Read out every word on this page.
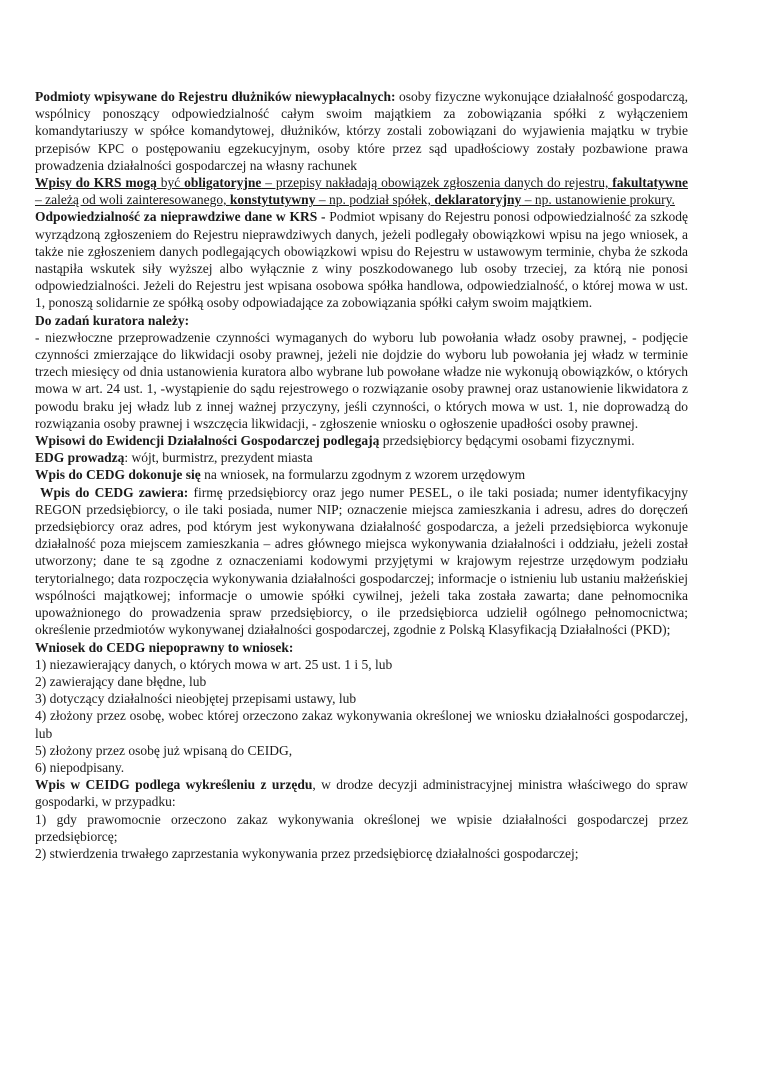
Podmioty wpisywane do Rejestru dłużników niewypłacalnych: osoby fizyczne wykonujące działalność gospodarczą, wspólnicy ponoszący odpowiedzialność całym swoim majątkiem za zobowiązania spółki z wyłączeniem komandytariuszy w spółce komandytowej, dłużników, którzy zostali zobowiązani do wyjawienia majątku w trybie przepisów KPC o postępowaniu egzekucyjnym, osoby które przez sąd upadłościowy zostały pozbawione prawa prowadzenia działalności gospodarczej na własny rachunek

Wpisy do KRS mogą być obligatoryjne – przepisy nakładają obowiązek zgłoszenia danych do rejestru, fakultatywne – zależą od woli zainteresowanego, konstytutywny – np. podział spółek, deklaratoryjny – np. ustanowienie prokury.

Odpowiedzialność za nieprawdziwe dane w KRS - Podmiot wpisany do Rejestru ponosi odpowiedzialność za szkodę wyrządzoną zgłoszeniem do Rejestru nieprawdziwych danych, jeżeli podlegały obowiązkowi wpisu na jego wniosek, a także nie zgłoszeniem danych podlegających obowiązkowi wpisu do Rejestru w ustawowym terminie, chyba że szkoda nastąpiła wskutek siły wyższej albo wyłącznie z winy poszkodowanego lub osoby trzeciej, za którą nie ponosi odpowiedzialności. Jeżeli do Rejestru jest wpisana osobowa spółka handlowa, odpowiedzialność, o której mowa w ust. 1, ponoszą solidarnie ze spółką osoby odpowiadające za zobowiązania spółki całym swoim majątkiem.

Do zadań kuratora należy:
- niezwłoczne przeprowadzenie czynności wymaganych do wyboru lub powołania władz osoby prawnej, - podjęcie czynności zmierzające do likwidacji osoby prawnej, jeżeli nie dojdzie do wyboru lub powołania jej władz w terminie trzech miesięcy od dnia ustanowienia kuratora albo wybrane lub powołane władze nie wykonują obowiązków, o których mowa w art. 24 ust. 1, -wystąpienie do sądu rejestrowego o rozwiązanie osoby prawnej oraz ustanowienie likwidatora z powodu braku jej władz lub z innej ważnej przyczyny, jeśli czynności, o których mowa w ust. 1, nie doprowadzą do rozwiązania osoby prawnej i wszczęcia likwidacji, - zgłoszenie wniosku o ogłoszenie upadłości osoby prawnej.

Wpisowi do Ewidencji Działalności Gospodarczej podlegają przedsiębiorcy będącymi osobami fizycznymi.

EDG prowadzą: wójt, burmistrz, prezydent miasta

Wpis do CEDG dokonuje się na wniosek, na formularzu zgodnym z wzorem urzędowym

Wpis do CEDG zawiera: firmę przedsiębiorcy oraz jego numer PESEL, o ile taki posiada; numer identyfikacyjny REGON przedsiębiorcy, o ile taki posiada, numer NIP; oznaczenie miejsca zamieszkania i adresu, adres do doręczeń przedsiębiorcy oraz adres, pod którym jest wykonywana działalność gospodarcza, a jeżeli przedsiębiorca wykonuje działalność poza miejscem zamieszkania – adres głównego miejsca wykonywania działalności i oddziału, jeżeli został utworzony; dane te są zgodne z oznaczeniami kodowymi przyjętymi w krajowym rejestrze urzędowym podziału terytorialnego; data rozpoczęcia wykonywania działalności gospodarczej; informacje o istnieniu lub ustaniu małżeńskiej wspólności majątkowej; informacje o umowie spółki cywilnej, jeżeli taka została zawarta; dane pełnomocnika upoważnionego do prowadzenia spraw przedsiębiorcy, o ile przedsiębiorca udzielił ogólnego pełnomocnictwa; określenie przedmiotów wykonywanej działalności gospodarczej, zgodnie z Polską Klasyfikacją Działalności (PKD);

Wniosek do CEDG niepoprawny to wniosek:

1) niezawierający danych, o których mowa w art. 25 ust. 1 i 5, lub

2) zawierający dane błędne, lub

3) dotyczący działalności nieobjętej przepisami ustawy, lub

4) złożony przez osobę, wobec której orzeczono zakaz wykonywania określonej we wniosku działalności gospodarczej, lub

5) złożony przez osobę już wpisaną do CEIDG,

6) niepodpisany.

Wpis w CEIDG podlega wykreśleniu z urzędu, w drodze decyzji administracyjnej ministra właściwego do spraw gospodarki, w przypadku:

1) gdy prawomocnie orzeczono zakaz wykonywania określonej we wpisie działalności gospodarczej przez przedsiębiorcę;

2) stwierdzenia trwałego zaprzestania wykonywania przez przedsiębiorcę działalności gospodarczej;
